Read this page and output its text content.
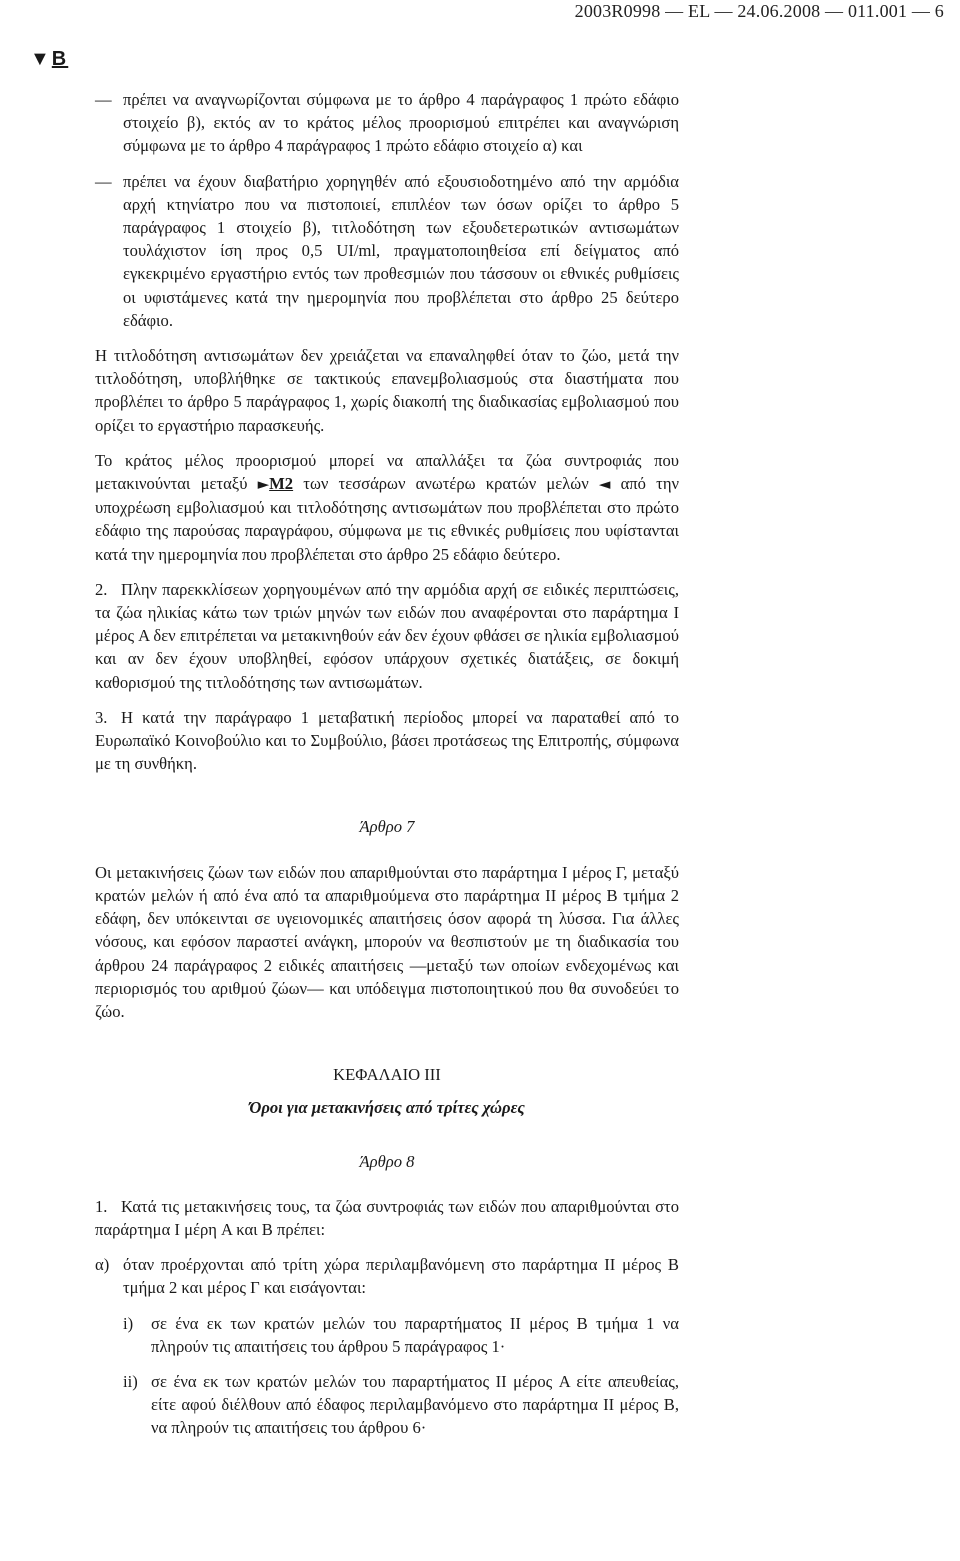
2003R0998 — EL — 24.06.2008 — 011.001 — 6
▼B
— πρέπει να αναγνωρίζονται σύμφωνα με το άρθρο 4 παράγραφος 1 πρώτο εδάφιο στοιχείο β), εκτός αν το κράτος μέλος προορισμού επιτρέπει και αναγνώριση σύμφωνα με το άρθρο 4 παράγραφος 1 πρώτο εδάφιο στοιχείο α) και
— πρέπει να έχουν διαβατήριο χορηγηθέν από εξουσιοδοτημένο από την αρμόδια αρχή κτηνίατρο που να πιστοποιεί, επιπλέον των όσων ορίζει το άρθρο 5 παράγραφος 1 στοιχείο β), τιτλοδότηση των εξουδετερωτικών αντισωμάτων τουλάχιστον ίση προς 0,5 UI/ml, πραγματοποιηθείσα επί δείγματος από εγκεκριμένο εργαστήριο εντός των προθεσμιών που τάσσουν οι εθνικές ρυθμίσεις οι υφιστάμενες κατά την ημερομηνία που προβλέπεται στο άρθρο 25 δεύτερο εδάφιο.

Η τιτλοδότηση αντισωμάτων δεν χρειάζεται να επαναληφθεί όταν το ζώο, μετά την τιτλοδότηση, υποβλήθηκε σε τακτικούς επανεμβολιασμούς στα διαστήματα που προβλέπει το άρθρο 5 παράγραφος 1, χωρίς διακοπή της διαδικασίας εμβολιασμού που ορίζει το εργαστήριο παρασκευής.

Το κράτος μέλος προορισμού μπορεί να απαλλάξει τα ζώα συντροφιάς που μετακινούνται μεταξύ ►M2 των τεσσάρων ανωτέρω κρατών μελών ◄ από την υποχρέωση εμβολιασμού και τιτλοδότησης αντισωμάτων που προβλέπεται στο πρώτο εδάφιο της παρούσας παραγράφου, σύμφωνα με τις εθνικές ρυθμίσεις που υφίστανται κατά την ημερομηνία που προβλέπεται στο άρθρο 25 εδάφιο δεύτερο.

2. Πλην παρεκκλίσεων χορηγουμένων από την αρμόδια αρχή σε ειδικές περιπτώσεις, τα ζώα ηλικίας κάτω των τριών μηνών των ειδών που αναφέρονται στο παράρτημα I μέρος A δεν επιτρέπεται να μετακινηθούν εάν δεν έχουν φθάσει σε ηλικία εμβολιασμού και αν δεν έχουν υποβληθεί, εφόσον υπάρχουν σχετικές διατάξεις, σε δοκιμή καθορισμού της τιτλοδότησης των αντισωμάτων.

3. Η κατά την παράγραφο 1 μεταβατική περίοδος μπορεί να παραταθεί από το Ευρωπαϊκό Κοινοβούλιο και το Συμβούλιο, βάσει προτάσεως της Επιτροπής, σύμφωνα με τη συνθήκη.

Άρθρο 7

Οι μετακινήσεις ζώων των ειδών που απαριθμούνται στο παράρτημα I μέρος Γ, μεταξύ κρατών μελών ή από ένα από τα απαριθμούμενα στο παράρτημα II μέρος B τμήμα 2 εδάφη, δεν υπόκεινται σε υγειονομικές απαιτήσεις όσον αφορά τη λύσσα. Για άλλες νόσους, και εφόσον παραστεί ανάγκη, μπορούν να θεσπιστούν με τη διαδικασία του άρθρου 24 παράγραφος 2 ειδικές απαιτήσεις —μεταξύ των οποίων ενδεχομένως και περιορισμός του αριθμού ζώων— και υπόδειγμα πιστοποιητικού που θα συνοδεύει το ζώο.

ΚΕΦΑΛΑΙΟ III
Όροι για μετακινήσεις από τρίτες χώρες
Άρθρο 8

1. Κατά τις μετακινήσεις τους, τα ζώα συντροφιάς των ειδών που απαριθμούνται στο παράρτημα I μέρη A και B πρέπει:

α) όταν προέρχονται από τρίτη χώρα περιλαμβανόμενη στο παράρτημα II μέρος B τμήμα 2 και μέρος Γ και εισάγονται:
i)	σε ένα εκ των κρατών μελών του παραρτήματος II μέρος B τμήμα 1 να πληρούν τις απαιτήσεις του άρθρου 5 παράγραφος 1·
ii) σε ένα εκ των κρατών μελών του παραρτήματος II μέρος A είτε απευθείας, είτε αφού διέλθουν από έδαφος περιλαμβανόμενο στο παράρτημα II μέρος B, να πληρούν τις απαιτήσεις του άρθρου 6·
